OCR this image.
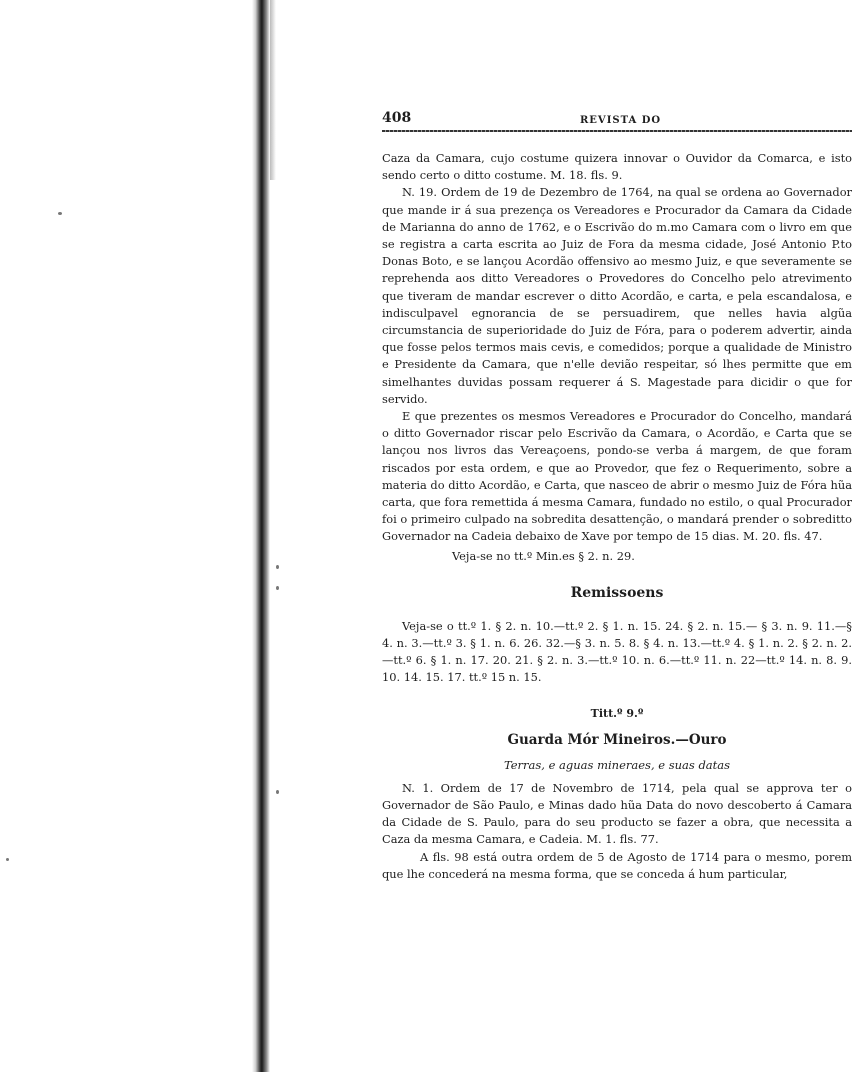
408	REVISTA DO

Caza da Camara, cujo costume quizera innovar o Ouvidor da Comarca, e isto sendo certo o ditto costume. M. 18. fls. 9.

N. 19. Ordem de 19 de Dezembro de 1764, na qual se ordena ao Governador que mande ir á sua prezença os Vereadores e Procurador da Camara da Cidade de Marianna do anno de 1762, e o Escrivão do m.mo Camara com o livro em que se registra a carta escrita ao Juiz de Fora da mesma cidade, José Antonio P.to Donas Boto, e se lançou Acordão offensivo ao mesmo Juiz, e que severamente se reprehenda aos ditto Vereadores o Provedores do Concelho pelo atrevimento que tiveram de mandar escrever o ditto Acordão, e carta, e pela escandalosa, e indisculpavel egnorancia de se persuadirem, que nelles havia algũa circumstancia de superioridade do Juiz de Fóra, para o poderem advertir, ainda que fosse pelos termos mais cevis, e comedidos; porque a qualidade de Ministro e Presidente da Camara, que n'elle devião respeitar, só lhes permitte que em simelhantes duvidas possam requerer á S. Magestade para dicidir o que for servido.

E que prezentes os mesmos Vereadores e Procurador do Concelho, mandará o ditto Governador riscar pelo Escrivão da Camara, o Acordão, e Carta que se lançou nos livros das Vereaçoens, pondo-se verba á margem, de que foram riscados por esta ordem, e que ao Provedor, que fez o Requerimento, sobre a materia do ditto Acordão, e Carta, que nasceo de abrir o mesmo Juiz de Fóra hũa carta, que fora remettida á mesma Camara, fundado no estilo, o qual Procurador foi o primeiro culpado na sobredita desattenção, o mandará prender o sobreditto Governador na Cadeia debaixo de Xave por tempo de 15 dias. M. 20. fls. 47.

Veja-se no tt.º Min.es § 2. n. 29.

Remissoens

Veja-se o tt.º 1. § 2. n. 10.—tt.º 2. § 1. n. 15. 24. § 2. n. 15.— § 3. n. 9. 11.—§ 4. n. 3.—tt.º 3. § 1. n. 6. 26. 32.—§ 3. n. 5. 8. § 4. n. 13.—tt.º 4. § 1. n. 2. § 2. n. 2.—tt.º 6. § 1. n. 17. 20. 21. § 2. n. 3.—tt.º 10. n. 6.—tt.º 11. n. 22—tt.º 14. n. 8. 9. 10. 14. 15. 17. tt.º 15 n. 15.

Titt.º 9.º
Guarda Mór Mineiros.—Ouro
Terras, e aguas mineraes, e suas datas

N. 1. Ordem de 17 de Novembro de 1714, pela qual se approva ter o Governador de São Paulo, e Minas dado hũa Data do novo descoberto á Camara da Cidade de S. Paulo, para do seu producto se fazer a obra, que necessita a Caza da mesma Camara, e Cadeia. M. 1. fls. 77.

A fls. 98 está outra ordem de 5 de Agosto de 1714 para o mesmo, porem que lhe concederá na mesma forma, que se conceda á hum particular,
